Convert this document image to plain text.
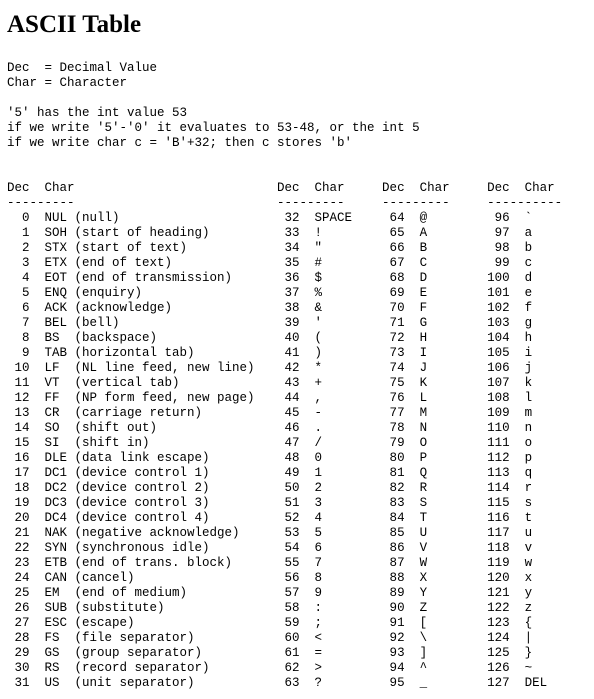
ASCII Table
Dec  = Decimal Value
Char = Character
'5' has the int value 53
if we write '5'-'0' it evaluates to 53-48, or the int 5
if we write char c = 'B'+32; then c stores 'b'
Dec  Char                           Dec  Char     Dec  Char     Dec  Char
---------                           ---------     ---------     ----------
0  NUL (null)                      32  SPACE     64  @         96  `
1  SOH (start of heading)          33  !         65  A         97  a
2  STX (start of text)             34  "         66  B         98  b
3  ETX (end of text)               35  #         67  C         99  c
4  EOT (end of transmission)       36  $         68  D        100  d
5  ENQ (enquiry)                   37  %         69  E        101  e
6  ACK (acknowledge)               38  &         70  F        102  f
7  BEL (bell)                      39  '         71  G        103  g
8  BS  (backspace)                 40  (         72  H        104  h
9  TAB (horizontal tab)            41  )         73  I        105  i
10  LF  (NL line feed, new line)    42  *         74  J        106  j
11  VT  (vertical tab)              43  +         75  K        107  k
12  FF  (NP form feed, new page)    44  ,         76  L        108  l
13  CR  (carriage return)           45  -         77  M        109  m
14  SO  (shift out)                 46  .         78  N        110  n
15  SI  (shift in)                  47  /         79  O        111  o
16  DLE (data link escape)          48  0         80  P        112  p
17  DC1 (device control 1)          49  1         81  Q        113  q
18  DC2 (device control 2)          50  2         82  R        114  r
19  DC3 (device control 3)          51  3         83  S        115  s
20  DC4 (device control 4)          52  4         84  T        116  t
21  NAK (negative acknowledge)      53  5         85  U        117  u
22  SYN (synchronous idle)          54  6         86  V        118  v
23  ETB (end of trans. block)       55  7         87  W        119  w
24  CAN (cancel)                    56  8         88  X        120  x
25  EM  (end of medium)             57  9         89  Y        121  y
26  SUB (substitute)                58  :         90  Z        122  z
27  ESC (escape)                    59  ;         91  [        123  {
28  FS  (file separator)            60  <         92  \        124  |
29  GS  (group separator)           61  =         93  ]        125  }
30  RS  (record separator)          62  >         94  ^        126  ~
31  US  (unit separator)            63  ?         95  _        127  DEL
